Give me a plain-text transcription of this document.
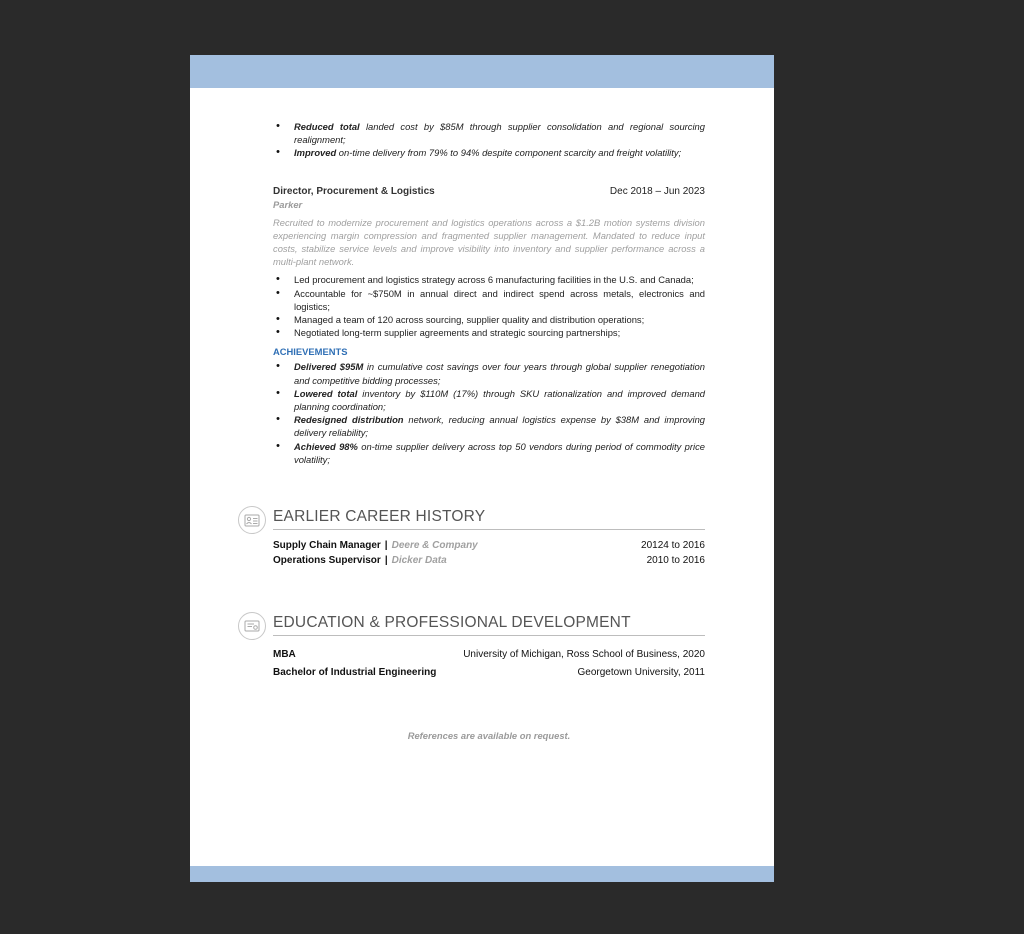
• Reduced total landed cost by $85M through supplier consolidation and regional sourcing realignment;
• Improved on-time delivery from 79% to 94% despite component scarcity and freight volatility;
Director, Procurement & Logistics	Dec 2018 – Jun 2023
Parker
Recruited to modernize procurement and logistics operations across a $1.2B motion systems division experiencing margin compression and fragmented supplier management. Mandated to reduce input costs, stabilize service levels and improve visibility into inventory and supplier performance across a multi-plant network.
• Led procurement and logistics strategy across 6 manufacturing facilities in the U.S. and Canada;
• Accountable for ~$750M in annual direct and indirect spend across metals, electronics and logistics;
• Managed a team of 120 across sourcing, supplier quality and distribution operations;
• Negotiated long-term supplier agreements and strategic sourcing partnerships;
ACHIEVEMENTS
• Delivered $95M in cumulative cost savings over four years through global supplier renegotiation and competitive bidding processes;
• Lowered total inventory by $110M (17%) through SKU rationalization and improved demand planning coordination;
• Redesigned distribution network, reducing annual logistics expense by $38M and improving delivery reliability;
• Achieved 98% on-time supplier delivery across top 50 vendors during period of commodity price volatility;
EARLIER CAREER HISTORY
Supply Chain Manager | Deere & Company	20124 to 2016
Operations Supervisor | Dicker Data	2010 to 2016
EDUCATION & PROFESSIONAL DEVELOPMENT
MBA	University of Michigan, Ross School of Business, 2020
Bachelor of Industrial Engineering	Georgetown University, 2011
References are available on request.
